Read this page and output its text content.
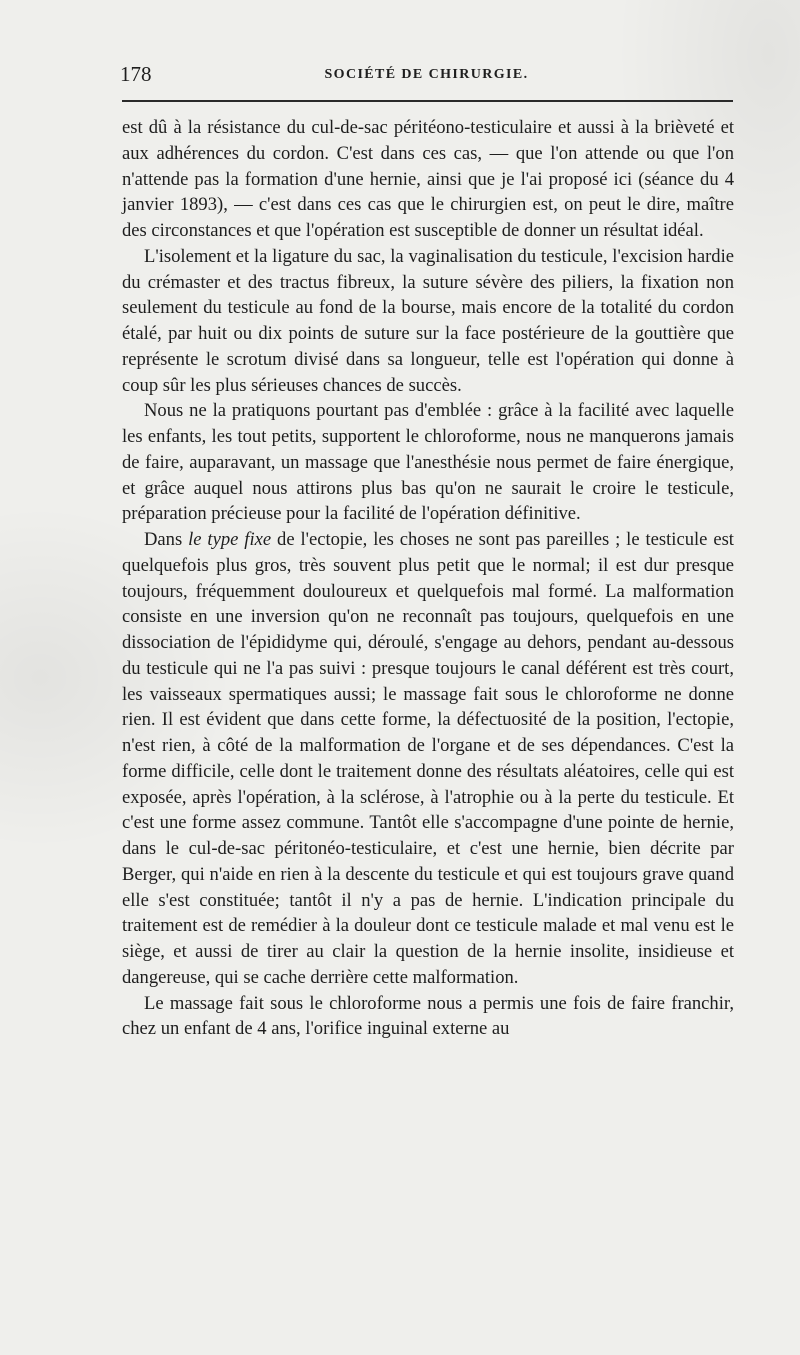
178	SOCIÉTÉ DE CHIRURGIE.

est dû à la résistance du cul-de-sac péritéono-testiculaire et aussi à la brièveté et aux adhérences du cordon. C'est dans ces cas, — que l'on attende ou que l'on n'attende pas la formation d'une hernie, ainsi que je l'ai proposé ici (séance du 4 janvier 1893), — c'est dans ces cas que le chirurgien est, on peut le dire, maître des circonstances et que l'opération est susceptible de donner un résultat idéal.

L'isolement et la ligature du sac, la vaginalisation du testicule, l'excision hardie du crémaster et des tractus fibreux, la suture sévère des piliers, la fixation non seulement du testicule au fond de la bourse, mais encore de la totalité du cordon étalé, par huit ou dix points de suture sur la face postérieure de la gouttière que représente le scrotum divisé dans sa longueur, telle est l'opération qui donne à coup sûr les plus sérieuses chances de succès.

Nous ne la pratiquons pourtant pas d'emblée : grâce à la facilité avec laquelle les enfants, les tout petits, supportent le chloroforme, nous ne manquerons jamais de faire, auparavant, un massage que l'anesthésie nous permet de faire énergique, et grâce auquel nous attirons plus bas qu'on ne saurait le croire le testicule, préparation précieuse pour la facilité de l'opération définitive.

Dans le type fixe de l'ectopie, les choses ne sont pas pareilles ; le testicule est quelquefois plus gros, très souvent plus petit que le normal; il est dur presque toujours, fréquemment douloureux et quelquefois mal formé. La malformation consiste en une inversion qu'on ne reconnaît pas toujours, quelquefois en une dissociation de l'épididyme qui, déroulé, s'engage au dehors, pendant au-dessous du testicule qui ne l'a pas suivi : presque toujours le canal déférent est très court, les vaisseaux spermatiques aussi; le massage fait sous le chloroforme ne donne rien. Il est évident que dans cette forme, la défectuosité de la position, l'ectopie, n'est rien, à côté de la malformation de l'organe et de ses dépendances. C'est la forme difficile, celle dont le traitement donne des résultats aléatoires, celle qui est exposée, après l'opération, à la sclérose, à l'atrophie ou à la perte du testicule. Et c'est une forme assez commune. Tantôt elle s'accompagne d'une pointe de hernie, dans le cul-de-sac péritonéo-testiculaire, et c'est une hernie, bien décrite par Berger, qui n'aide en rien à la descente du testicule et qui est toujours grave quand elle s'est constituée; tantôt il n'y a pas de hernie. L'indication principale du traitement est de remédier à la douleur dont ce testicule malade et mal venu est le siège, et aussi de tirer au clair la question de la hernie insolite, insidieuse et dangereuse, qui se cache derrière cette malformation.

Le massage fait sous le chloroforme nous a permis une fois de faire franchir, chez un enfant de 4 ans, l'orifice inguinal externe au
